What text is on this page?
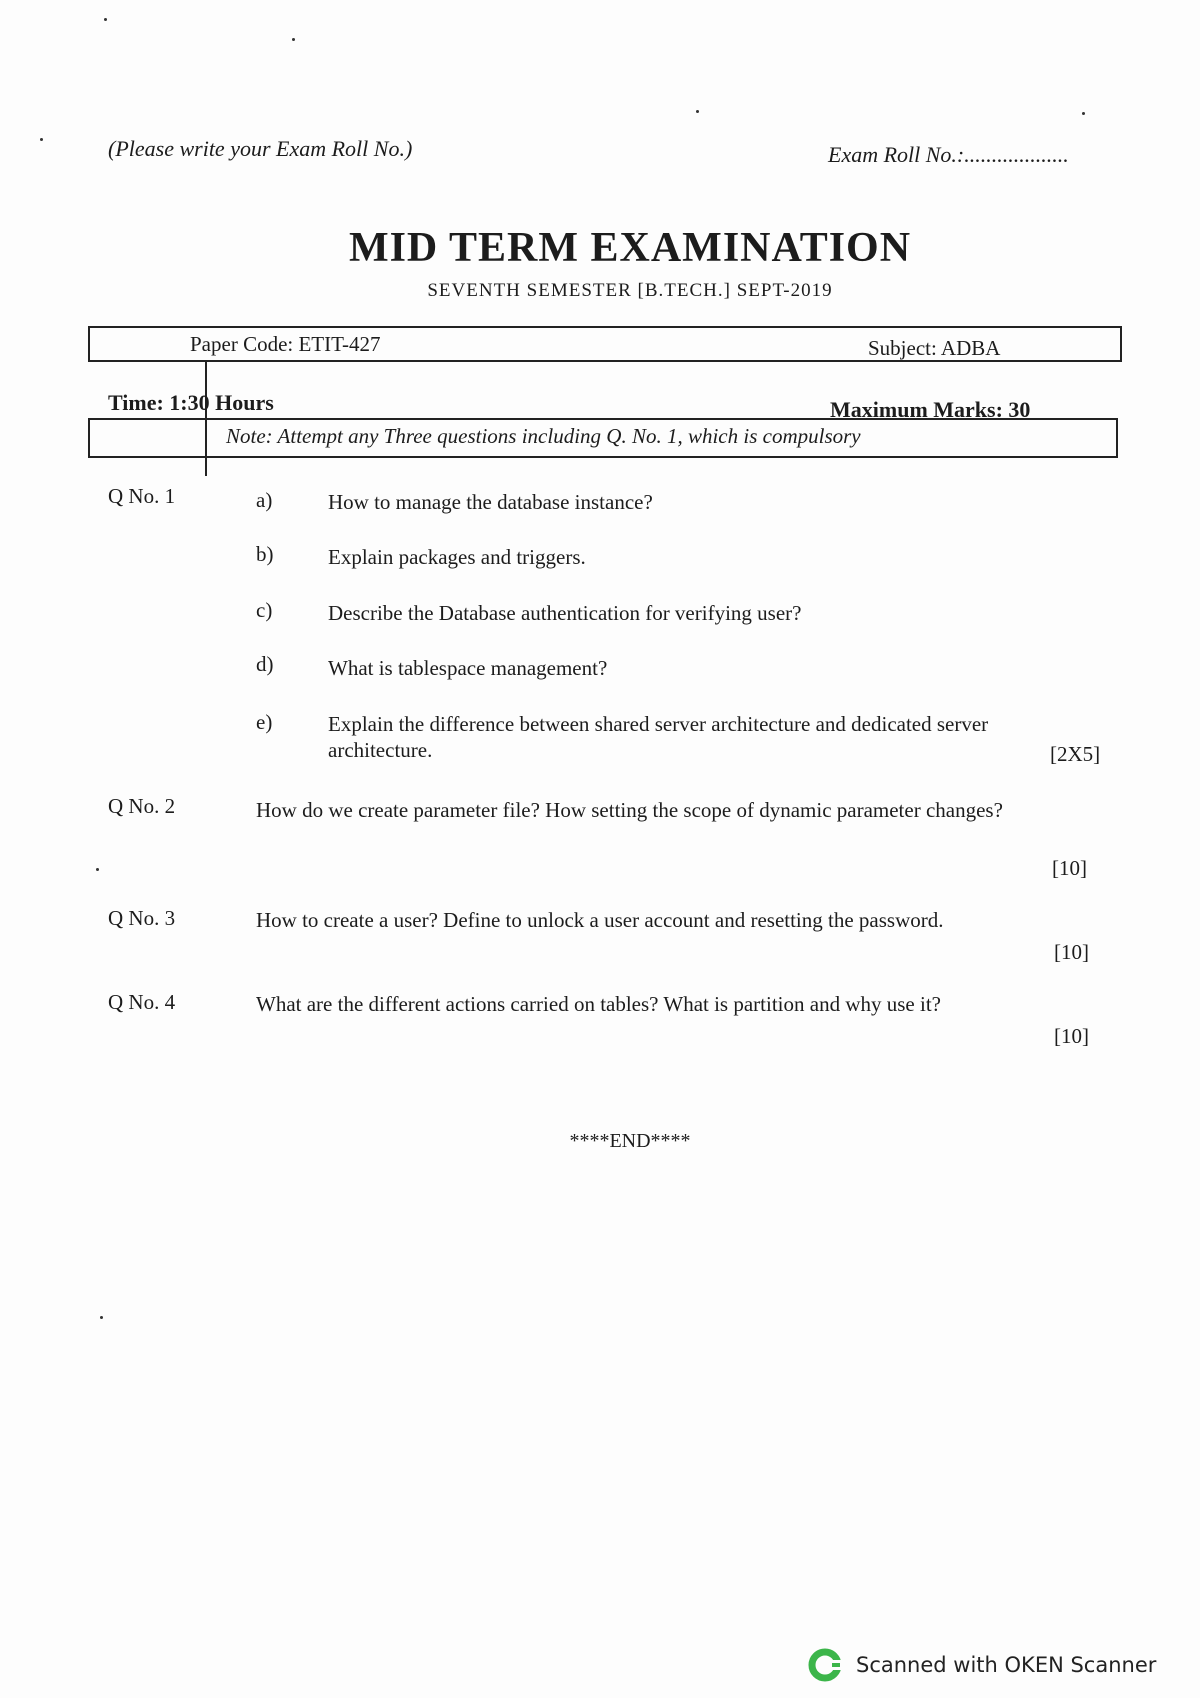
(Please write your Exam Roll No.)	Exam Roll No.:...................
MID TERM EXAMINATION
SEVENTH SEMESTER [B.TECH.] SEPT-2019
Paper Code: ETIT-427	Subject: ADBA
Time: 1:30 Hours	Maximum Marks: 30
Note: Attempt any Three questions including Q. No. 1, which is compulsory
Q No. 1	a)	How to manage the database instance?
b)	Explain packages and triggers.
c)	Describe the Database authentication for verifying user?
d)	What is tablespace management?
e)	Explain the difference between shared server architecture and dedicated server
architecture.	[2X5]
Q No. 2	How do we create parameter file? How setting the scope of dynamic parameter changes?
[10]
Q No. 3	How to create a user? Define to unlock a user account and resetting the password.
[10]
Q No. 4	What are the different actions carried on tables? What is partition and why use it?
[10]
****END****
Scanned with OKEN Scanner
